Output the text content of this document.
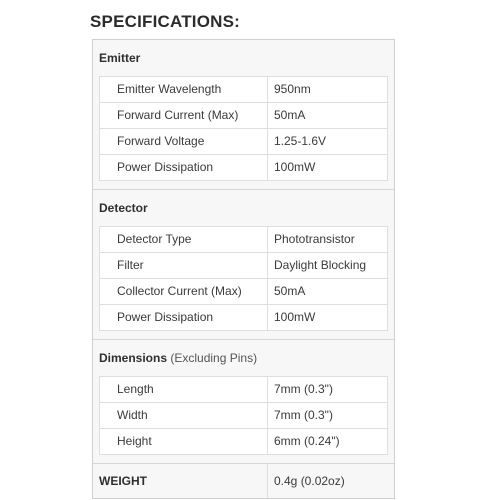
SPECIFICATIONS:
Emitter
Emitter Wavelength	950nm
Forward Current (Max)	50mA
Forward Voltage	1.25-1.6V
Power Dissipation	100mW
Detector
Detector Type	Phototransistor
Filter	Daylight Blocking
Collector Current (Max)	50mA
Power Dissipation	100mW
Dimensions (Excluding Pins)
Length	7mm (0.3")
Width	7mm (0.3")
Height	6mm (0.24")
WEIGHT	0.4g (0.02oz)
